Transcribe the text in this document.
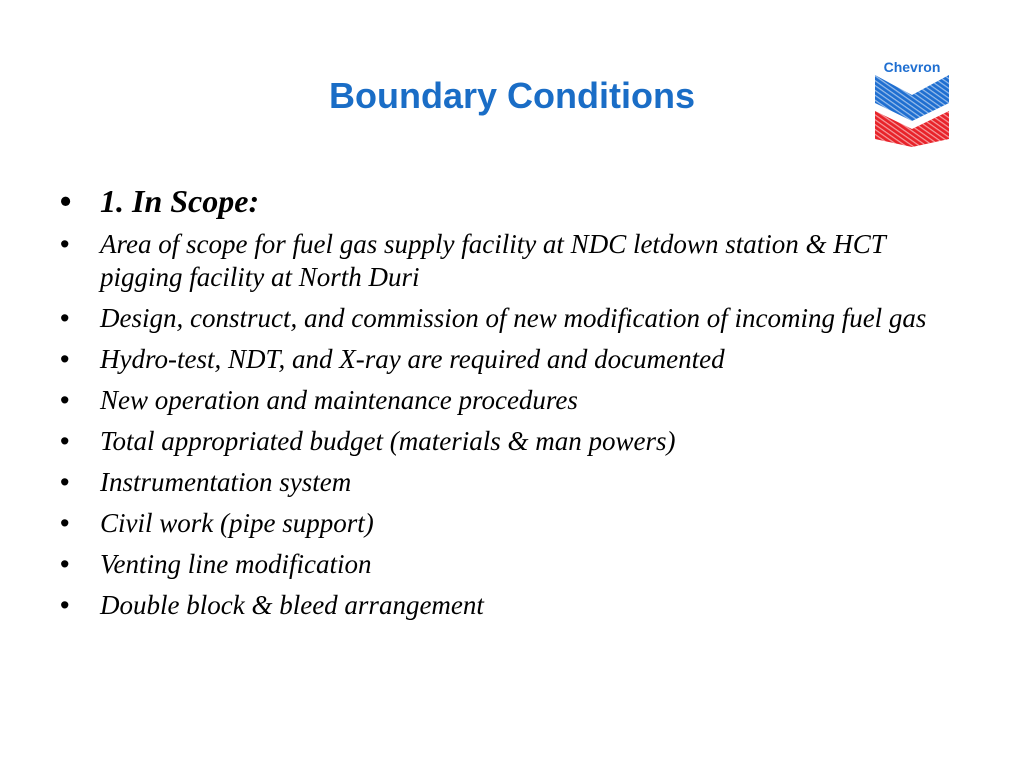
Boundary Conditions
Chevron
• 1. In Scope:
• Area of scope for fuel gas supply facility at NDC letdown station & HCT pigging facility at North Duri
• Design, construct, and commission of new modification of incoming fuel gas
• Hydro-test, NDT, and X-ray are required and documented
• New operation and maintenance procedures
• Total appropriated budget (materials & man powers)
• Instrumentation system
• Civil work (pipe support)
• Venting line modification
• Double block & bleed arrangement
